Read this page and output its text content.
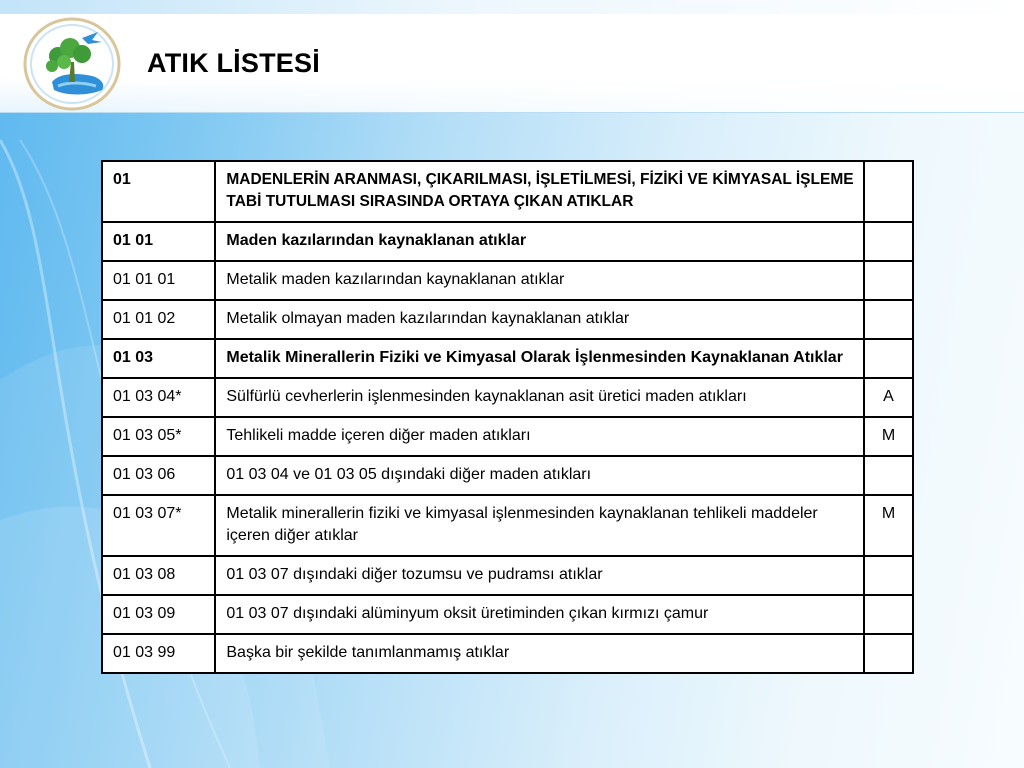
ATIK LİSTESİ
01	MADENLERİN ARANMASI, ÇIKARILMASI, İŞLETİLMESİ, FİZİKİ VE KİMYASAL İŞLEME TABİ TUTULMASI SIRASINDA ORTAYA ÇIKAN ATIKLAR	
01 01	Maden kazılarından kaynaklanan atıklar	
01 01 01	Metalik maden kazılarından kaynaklanan atıklar	
01 01 02	Metalik olmayan maden kazılarından kaynaklanan atıklar	
01 03	Metalik Minerallerin Fiziki ve Kimyasal Olarak İşlenmesinden Kaynaklanan Atıklar	
01 03 04*	Sülfürlü cevherlerin işlenmesinden kaynaklanan asit üretici maden atıkları	A
01 03 05*	Tehlikeli madde içeren diğer maden atıkları	M
01 03 06	01 03 04 ve 01 03 05 dışındaki diğer maden atıkları	
01 03 07*	Metalik minerallerin fiziki ve kimyasal işlenmesinden kaynaklanan tehlikeli maddeler içeren diğer atıklar	M
01 03 08	01 03 07 dışındaki diğer tozumsu ve pudramsı atıklar	
01 03 09	01 03 07 dışındaki alüminyum oksit üretiminden çıkan kırmızı çamur	
01 03 99	Başka bir şekilde tanımlanmamış atıklar	
